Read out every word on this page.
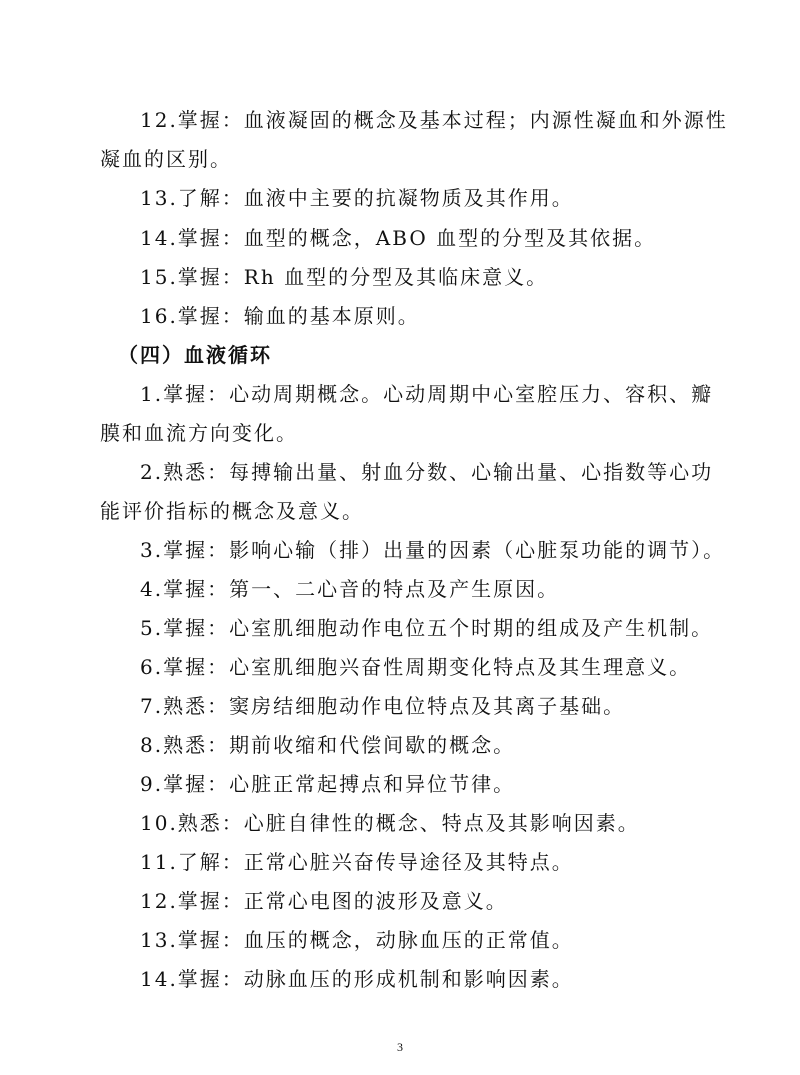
12.掌握：血液凝固的概念及基本过程；内源性凝血和外源性
凝血的区别。
13.了解：血液中主要的抗凝物质及其作用。
14.掌握：血型的概念，ABO 血型的分型及其依据。
15.掌握：Rh 血型的分型及其临床意义。
16.掌握：输血的基本原则。
（四）血液循环
1.掌握：心动周期概念。心动周期中心室腔压力、容积、瓣
膜和血流方向变化。
2.熟悉：每搏输出量、射血分数、心输出量、心指数等心功
能评价指标的概念及意义。
3.掌握：影响心输（排）出量的因素（心脏泵功能的调节）。
4.掌握：第一、二心音的特点及产生原因。
5.掌握：心室肌细胞动作电位五个时期的组成及产生机制。
6.掌握：心室肌细胞兴奋性周期变化特点及其生理意义。
7.熟悉：窦房结细胞动作电位特点及其离子基础。
8.熟悉：期前收缩和代偿间歇的概念。
9.掌握：心脏正常起搏点和异位节律。
10.熟悉：心脏自律性的概念、特点及其影响因素。
11.了解：正常心脏兴奋传导途径及其特点。
12.掌握：正常心电图的波形及意义。
13.掌握：血压的概念，动脉血压的正常值。
14.掌握：动脉血压的形成机制和影响因素。
3
